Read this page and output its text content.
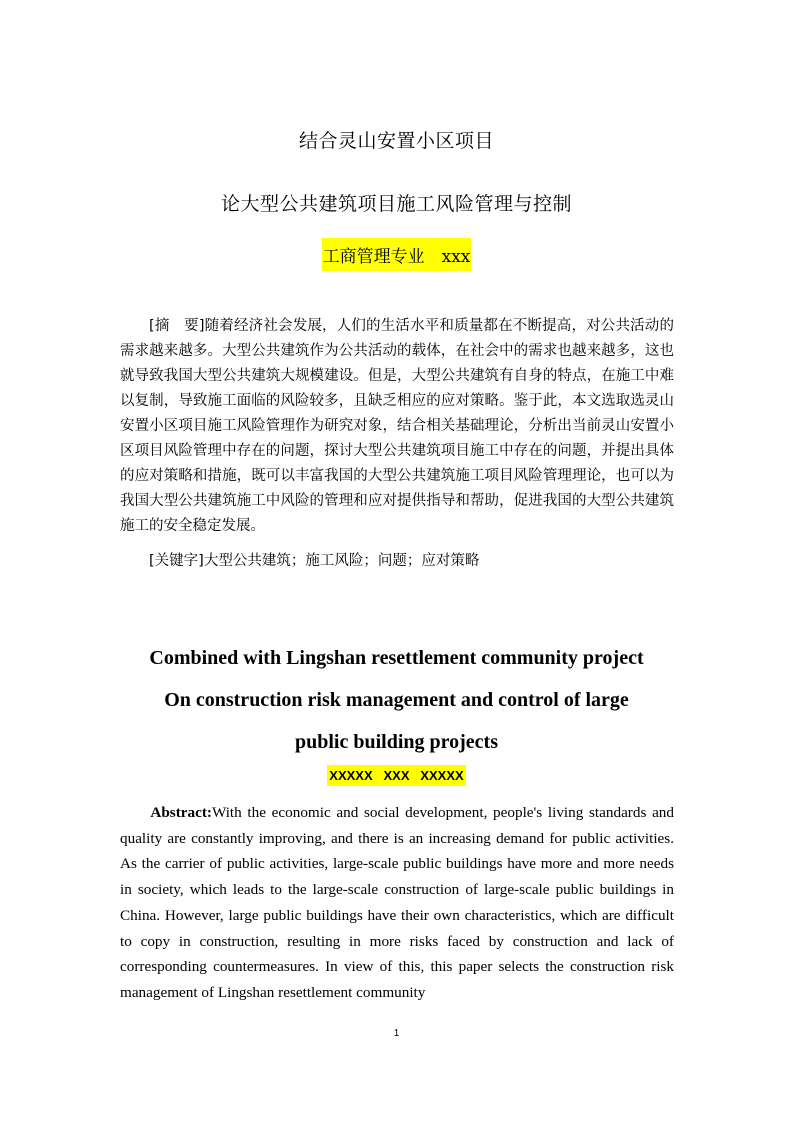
结合灵山安置小区项目
论大型公共建筑项目施工风险管理与控制
工商管理专业　xxx

[摘　要]随着经济社会发展，人们的生活水平和质量都在不断提高，对公共活动的需求越来越多。大型公共建筑作为公共活动的载体，在社会中的需求也越来越多，这也就导致我国大型公共建筑大规模建设。但是，大型公共建筑有自身的特点，在施工中难以复制，导致施工面临的风险较多，且缺乏相应的应对策略。鉴于此，本文选取选灵山安置小区项目施工风险管理作为研究对象，结合相关基础理论，分析出当前灵山安置小区项目风险管理中存在的问题，探讨大型公共建筑项目施工中存在的问题，并提出具体的应对策略和措施，既可以丰富我国的大型公共建筑施工项目风险管理理论，也可以为我国大型公共建筑施工中风险的管理和应对提供指导和帮助，促进我国的大型公共建筑施工的安全稳定发展。

[关键字]大型公共建筑；施工风险；问题；应对策略

Combined with Lingshan resettlement community project
On construction risk management and control of large
public building projects
XXXXX   XXX   XXXXX

Abstract:With the economic and social development, people's living standards and quality are constantly improving, and there is an increasing demand for public activities. As the carrier of public activities, large-scale public buildings have more and more needs in society, which leads to the large-scale construction of large-scale public buildings in China. However, large public buildings have their own characteristics, which are difficult to copy in construction, resulting in more risks faced by construction and lack of corresponding countermeasures. In view of this, this paper selects the construction risk management of Lingshan resettlement community

1
